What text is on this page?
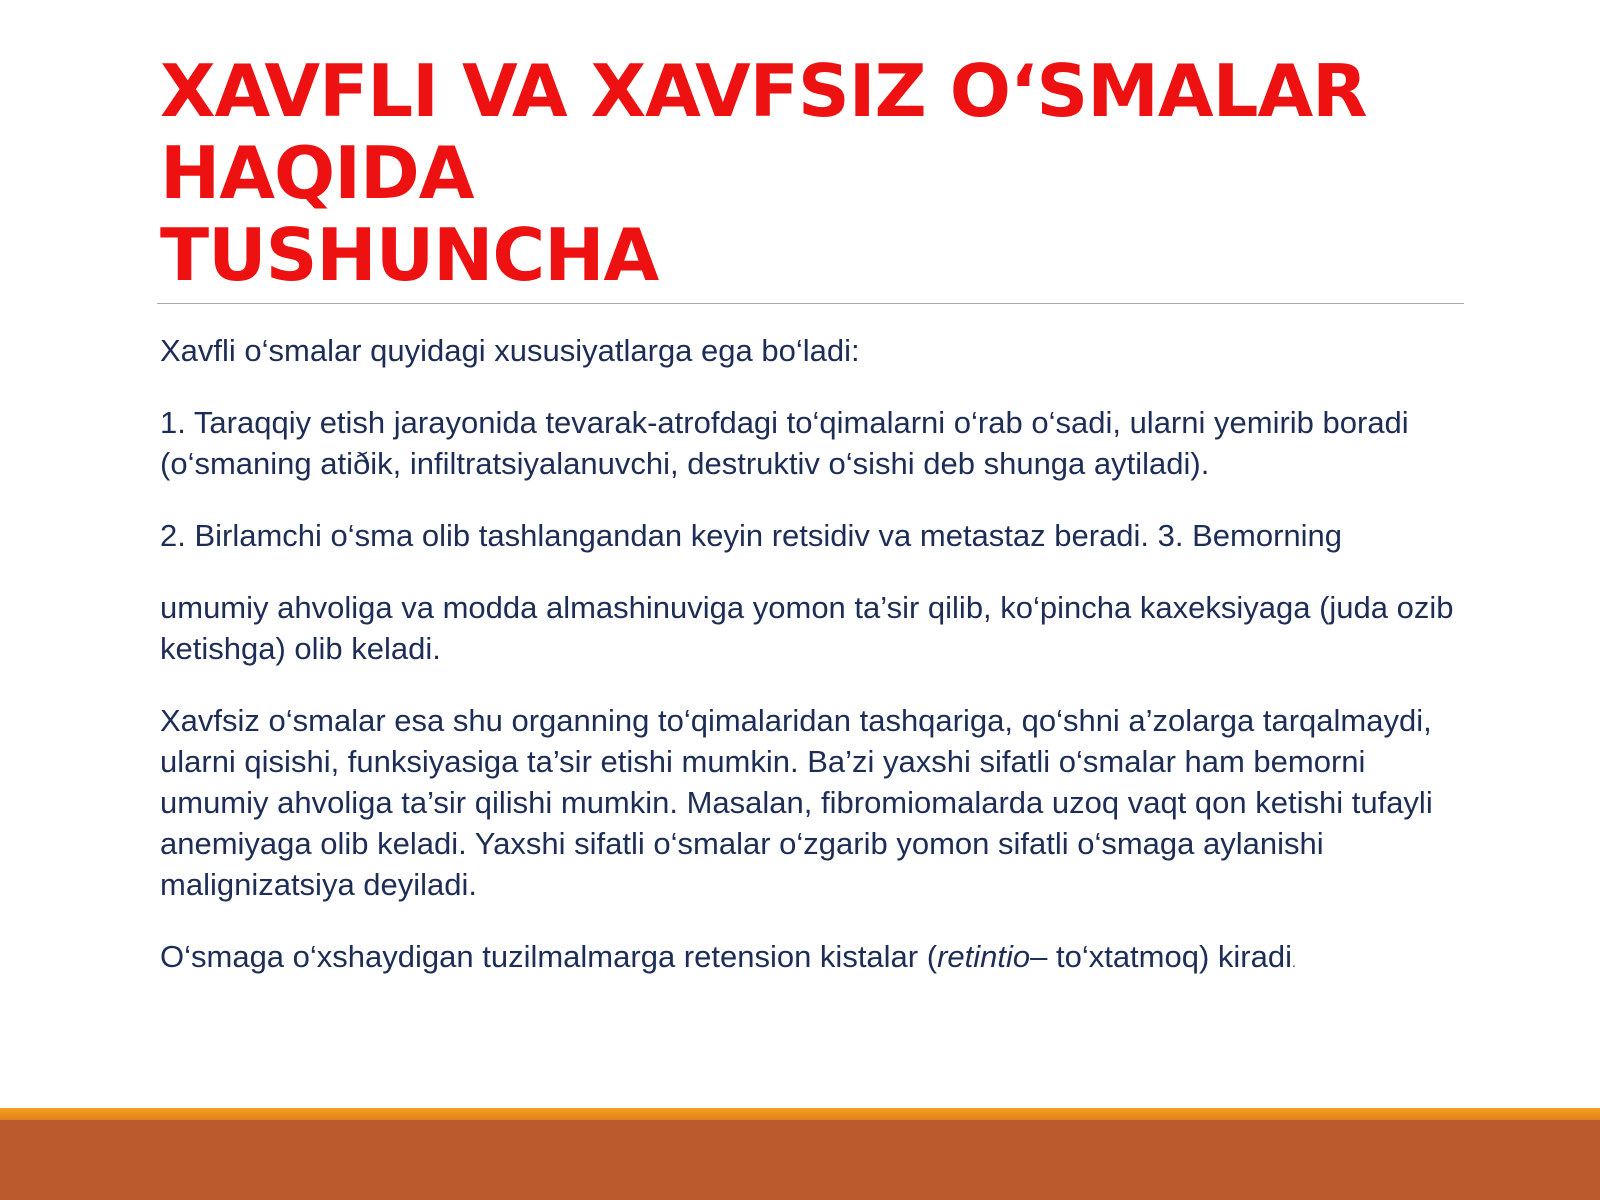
XAVFLI VA XAVFSIZ O‘SMALAR
HAQIDA
TUSHUNCHA

Xavfli o‘smalar quyidagi xususiyatlarga ega bo‘ladi:

1. Taraqqiy etish jarayonida tevarak-atrofdagi to‘qimalarni o‘rab o‘sadi, ularni yemirib boradi (o‘smaning atiðik, infiltratsiyalanuvchi, destruktiv o‘sishi deb shunga aytiladi).

2. Birlamchi o‘sma olib tashlangandan keyin retsidiv va metastaz beradi. 3. Bemorning

umumiy ahvoliga va modda almashinuviga yomon ta’sir qilib, ko‘pincha kaxeksiyaga (juda ozib ketishga) olib keladi.

Xavfsiz o‘smalar esa shu organning to‘qimalaridan tashqariga, qo‘shni a’zolarga tarqalmaydi, ularni qisishi, funksiyasiga ta’sir etishi mumkin. Ba’zi yaxshi sifatli o‘smalar ham bemorni umumiy ahvoliga ta’sir qilishi mumkin. Masalan, fibromiomalarda uzoq vaqt qon ketishi tufayli anemiyaga olib keladi. Yaxshi sifatli o‘smalar o‘zgarib yomon sifatli o‘smaga aylanishi malignizatsiya deyiladi.

O‘smaga o‘xshaydigan tuzilmalmarga retension kistalar (retintio– to‘xtatmoq) kiradi.
